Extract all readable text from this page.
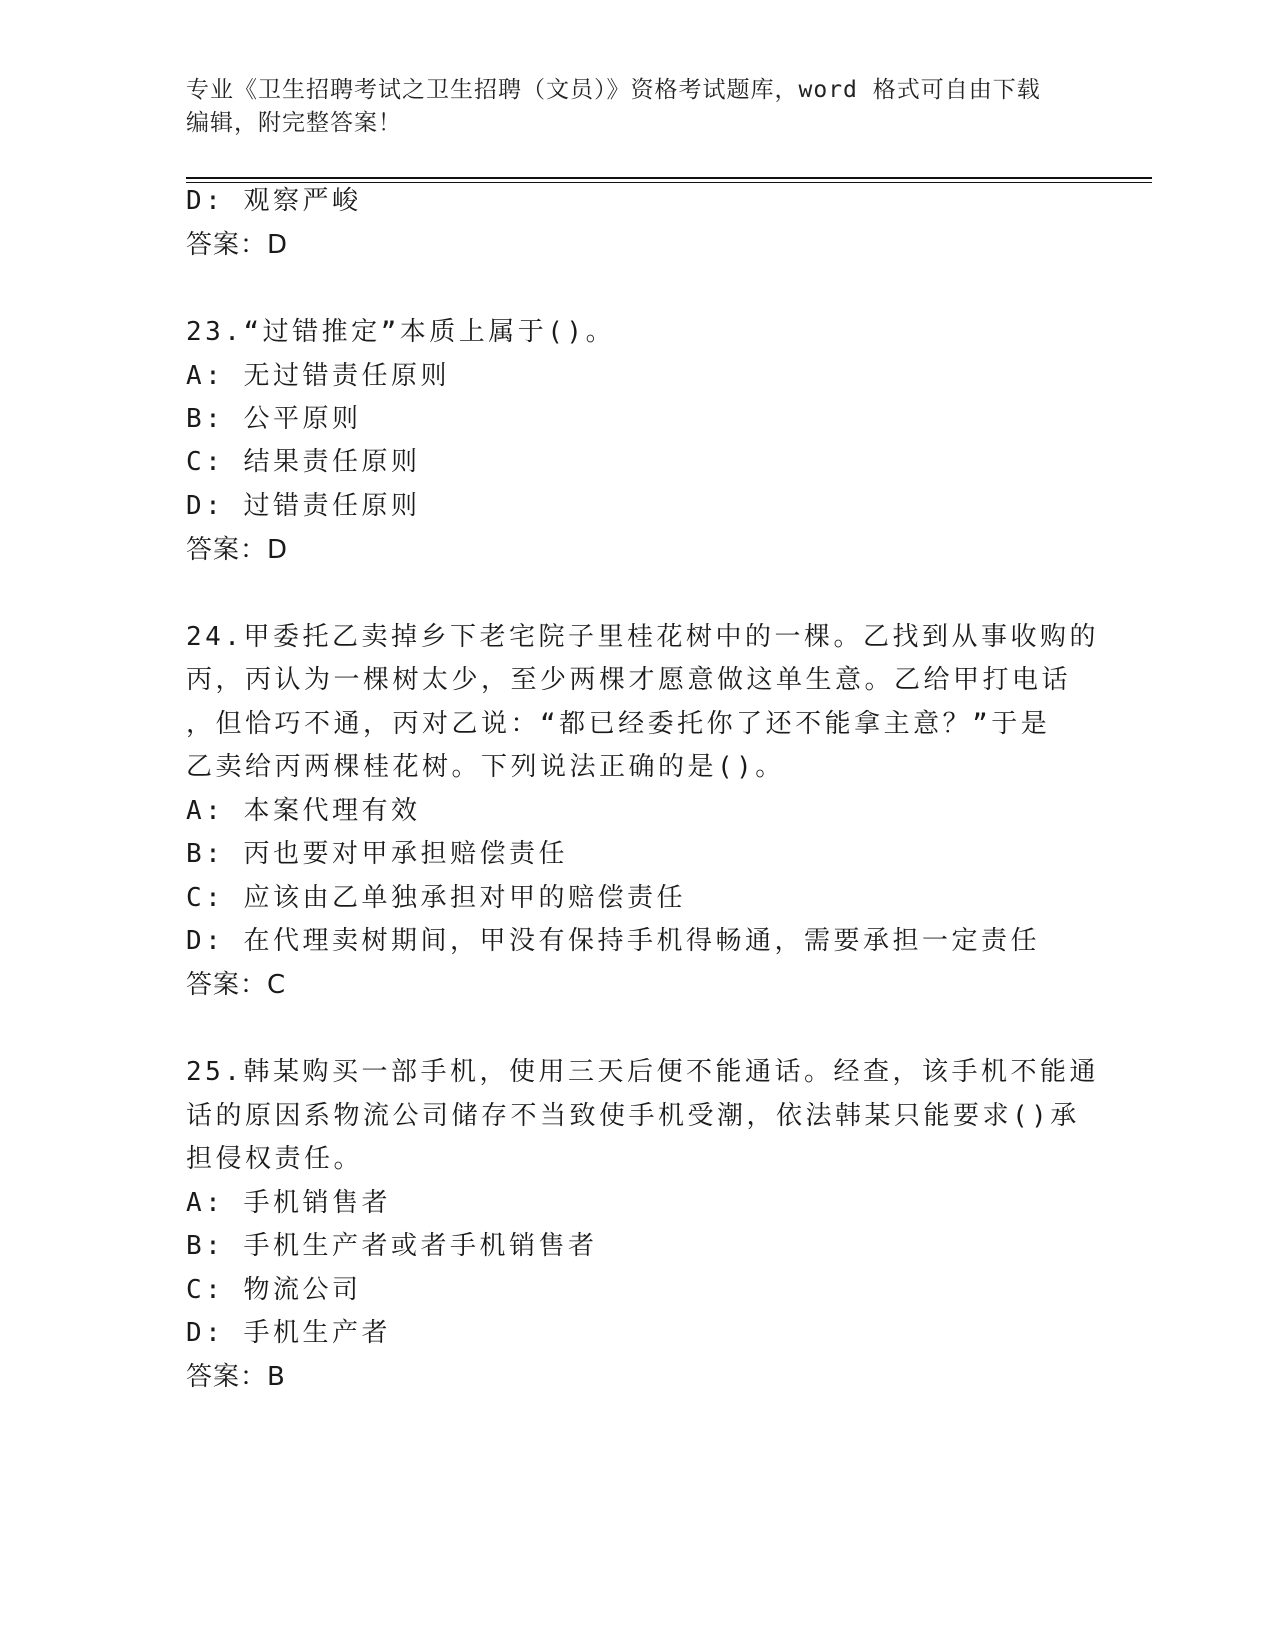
专业《卫生招聘考试之卫生招聘（文员）》资格考试题库，word 格式可自由下载
编辑，附完整答案！
D: 观察严峻
答案：D
23.“过错推定”本质上属于()。
A: 无过错责任原则
B: 公平原则
C: 结果责任原则
D: 过错责任原则
答案：D
24.甲委托乙卖掉乡下老宅院子里桂花树中的一棵。乙找到从事收购的
丙，丙认为一棵树太少，至少两棵才愿意做这单生意。乙给甲打电话
，但恰巧不通，丙对乙说：“都已经委托你了还不能拿主意？”于是
乙卖给丙两棵桂花树。下列说法正确的是()。
A: 本案代理有效
B: 丙也要对甲承担赔偿责任
C: 应该由乙单独承担对甲的赔偿责任
D: 在代理卖树期间，甲没有保持手机得畅通，需要承担一定责任
答案：C
25.韩某购买一部手机，使用三天后便不能通话。经查，该手机不能通
话的原因系物流公司储存不当致使手机受潮，依法韩某只能要求()承
担侵权责任。
A: 手机销售者
B: 手机生产者或者手机销售者
C: 物流公司
D: 手机生产者
答案：B
